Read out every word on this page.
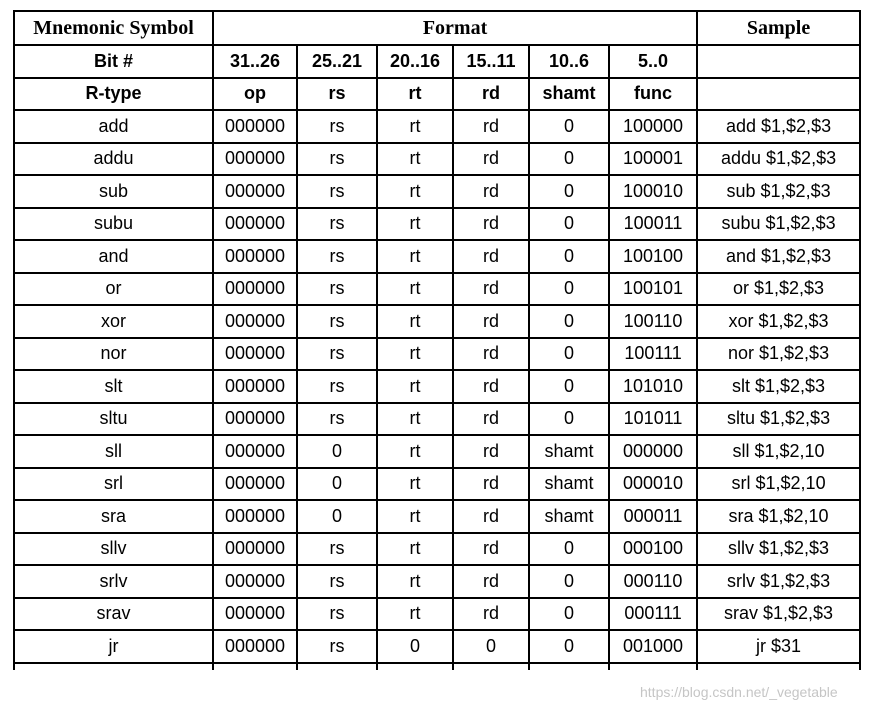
Mnemonic Symbol	Format						Sample
Bit #	31..26	25..21	20..16	15..11	10..6	5..0	
R-type	op	rs	rt	rd	shamt	func	
add	000000	rs	rt	rd	0	100000	add $1,$2,$3
addu	000000	rs	rt	rd	0	100001	addu $1,$2,$3
sub	000000	rs	rt	rd	0	100010	sub $1,$2,$3
subu	000000	rs	rt	rd	0	100011	subu $1,$2,$3
and	000000	rs	rt	rd	0	100100	and $1,$2,$3
or	000000	rs	rt	rd	0	100101	or $1,$2,$3
xor	000000	rs	rt	rd	0	100110	xor $1,$2,$3
nor	000000	rs	rt	rd	0	100111	nor $1,$2,$3
slt	000000	rs	rt	rd	0	101010	slt $1,$2,$3
sltu	000000	rs	rt	rd	0	101011	sltu $1,$2,$3
sll	000000	0	rt	rd	shamt	000000	sll $1,$2,10
srl	000000	0	rt	rd	shamt	000010	srl $1,$2,10
sra	000000	0	rt	rd	shamt	000011	sra $1,$2,10
sllv	000000	rs	rt	rd	0	000100	sllv $1,$2,$3
srlv	000000	rs	rt	rd	0	000110	srlv $1,$2,$3
srav	000000	rs	rt	rd	0	000111	srav $1,$2,$3
jr	000000	rs	0	0	0	001000	jr $31

https://blog.csdn.net/_vegetable
